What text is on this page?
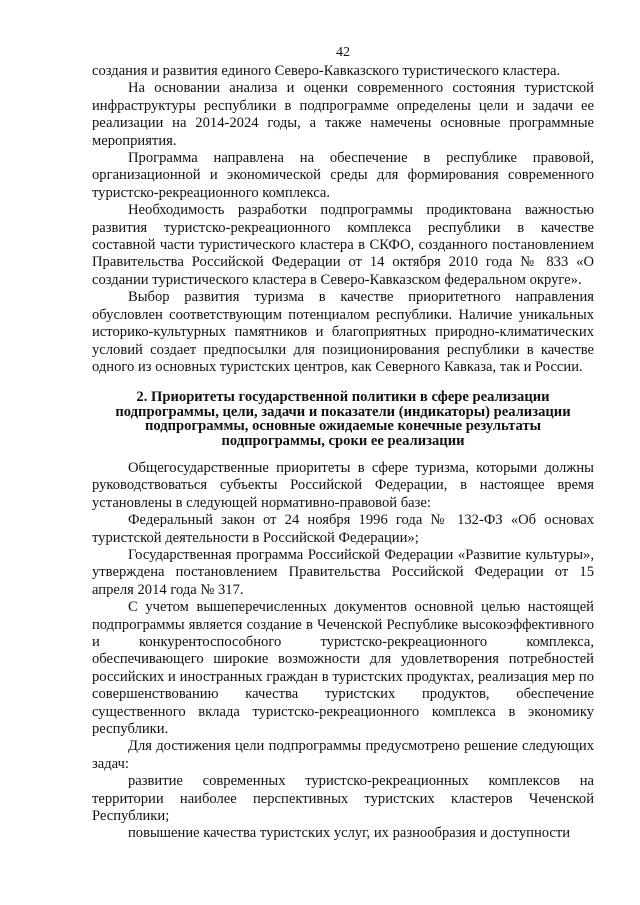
42

создания и развития единого Северо-Кавказского туристического кластера.

На основании анализа и оценки современного состояния туристской инфраструктуры республики в подпрограмме определены цели и задачи ее реализации на 2014-2024 годы, а также намечены основные программные мероприятия.

Программа направлена на обеспечение в республике правовой, организационной и экономической среды для формирования современного туристско-рекреационного комплекса.

Необходимость разработки подпрограммы продиктована важностью развития туристско-рекреационного комплекса республики в качестве составной части туристического кластера в СКФО, созданного постановлением Правительства Российской Федерации от 14 октября 2010 года № 833 «О создании туристического кластера в Северо-Кавказском федеральном округе».

Выбор развития туризма в качестве приоритетного направления обусловлен соответствующим потенциалом республики. Наличие уникальных историко-культурных памятников и благоприятных природно-климатических условий создает предпосылки для позиционирования республики в качестве одного из основных туристских центров, как Северного Кавказа, так и России.

2. Приоритеты государственной политики в сфере реализации подпрограммы, цели, задачи и показатели (индикаторы) реализации подпрограммы, основные ожидаемые конечные результаты подпрограммы, сроки ее реализации

Общегосударственные приоритеты в сфере туризма, которыми должны руководствоваться субъекты Российской Федерации, в настоящее время установлены в следующей нормативно-правовой базе:

Федеральный закон от 24 ноября 1996 года № 132-ФЗ «Об основах туристской деятельности в Российской Федерации»;

Государственная программа Российской Федерации «Развитие культуры», утверждена постановлением Правительства Российской Федерации от 15 апреля 2014 года № 317.

С учетом вышеперечисленных документов основной целью настоящей подпрограммы является создание в Чеченской Республике высокоэффективного и конкурентоспособного туристско-рекреационного комплекса, обеспечивающего широкие возможности для удовлетворения потребностей российских и иностранных граждан в туристских продуктах, реализация мер по совершенствованию качества туристских продуктов, обеспечение существенного вклада туристско-рекреационного комплекса в экономику республики.

Для достижения цели подпрограммы предусмотрено решение следующих задач:

развитие современных туристско-рекреационных комплексов на территории наиболее перспективных туристских кластеров Чеченской Республики;

повышение качества туристских услуг, их разнообразия и доступности
